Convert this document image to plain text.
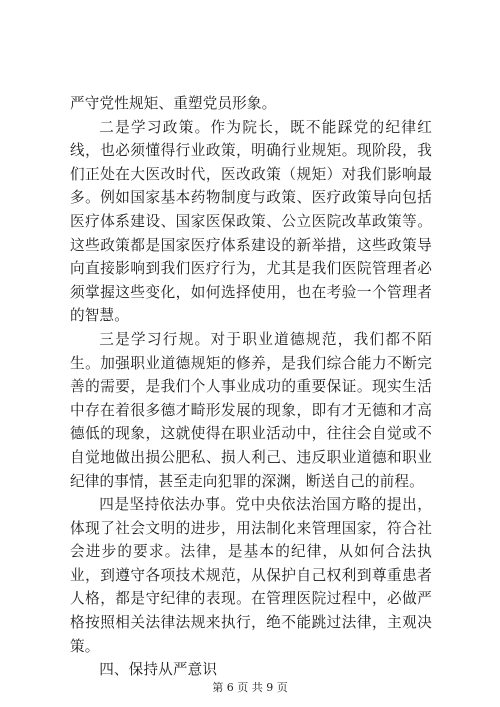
严守党性规矩、重塑党员形象。

二是学习政策。作为院长，既不能踩党的纪律红线，也必须懂得行业政策，明确行业规矩。现阶段，我们正处在大医改时代，医改政策（规矩）对我们影响最多。例如国家基本药物制度与政策、医疗政策导向包括医疗体系建设、国家医保政策、公立医院改革政策等。这些政策都是国家医疗体系建设的新举措，这些政策导向直接影响到我们医疗行为，尤其是我们医院管理者必须掌握这些变化，如何选择使用，也在考验一个管理者的智慧。

三是学习行规。对于职业道德规范，我们都不陌生。加强职业道德规矩的修养，是我们综合能力不断完善的需要，是我们个人事业成功的重要保证。现实生活中存在着很多德才畸形发展的现象，即有才无德和才高德低的现象，这就使得在职业活动中，往往会自觉或不自觉地做出损公肥私、损人利己、违反职业道德和职业纪律的事情，甚至走向犯罪的深渊，断送自己的前程。

四是坚持依法办事。党中央依法治国方略的提出，体现了社会文明的进步，用法制化来管理国家，符合社会进步的要求。法律，是基本的纪律，从如何合法执业，到遵守各项技术规范，从保护自己权利到尊重患者人格，都是守纪律的表现。在管理医院过程中，必做严格按照相关法律法规来执行，绝不能跳过法律，主观决策。

四、保持从严意识

第 6 页 共 9 页
